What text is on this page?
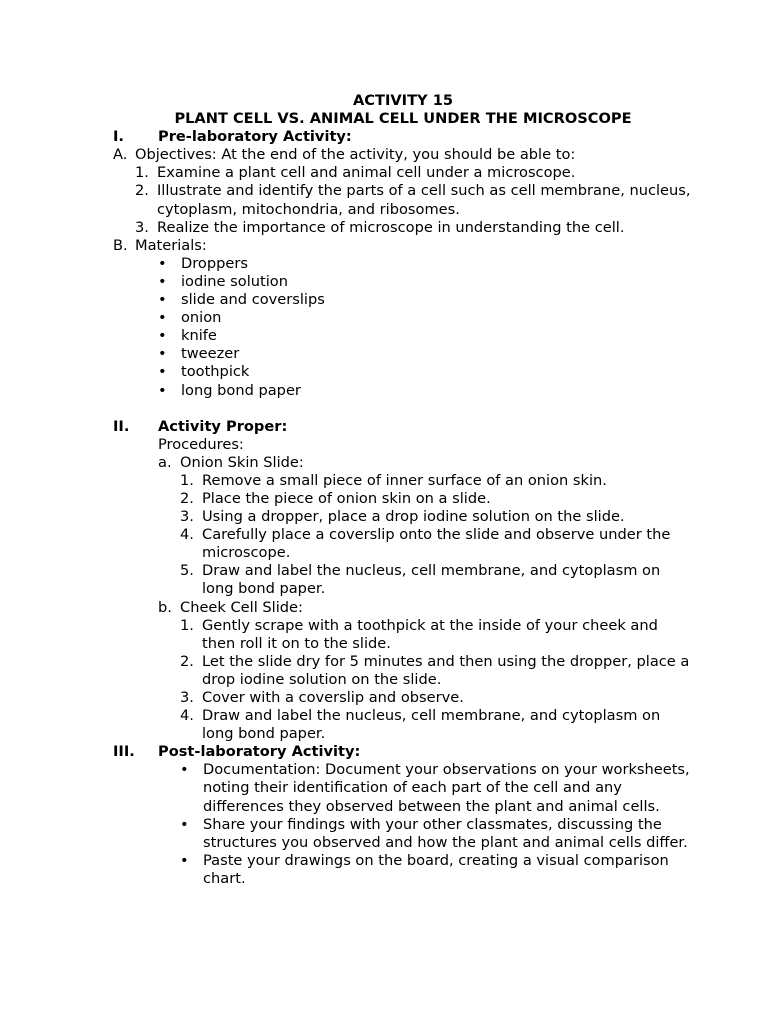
ACTIVITY 15
PLANT CELL VS. ANIMAL CELL UNDER THE MICROSCOPE
I.	Pre-laboratory Activity:
A. Objectives: At the end of the activity, you should be able to:
1. Examine a plant cell and animal cell under a microscope.
2. Illustrate and identify the parts of a cell such as cell membrane, nucleus, cytoplasm, mitochondria, and ribosomes.
3. Realize the importance of microscope in understanding the cell.
B. Materials:
• Droppers
• iodine solution
• slide and coverslips
• onion
• knife
• tweezer
• toothpick
• long bond paper
II.	Activity Proper:
Procedures:
a. Onion Skin Slide:
1. Remove a small piece of inner surface of an onion skin.
2. Place the piece of onion skin on a slide.
3. Using a dropper, place a drop iodine solution on the slide.
4. Carefully place a coverslip onto the slide and observe under the microscope.
5. Draw and label the nucleus, cell membrane, and cytoplasm on long bond paper.
b. Cheek Cell Slide:
1. Gently scrape with a toothpick at the inside of your cheek and then roll it on to the slide.
2. Let the slide dry for 5 minutes and then using the dropper, place a drop iodine solution on the slide.
3. Cover with a coverslip and observe.
4. Draw and label the nucleus, cell membrane, and cytoplasm on long bond paper.
III.	Post-laboratory Activity:
• Documentation: Document your observations on your worksheets, noting their identification of each part of the cell and any differences they observed between the plant and animal cells.
• Share your findings with your other classmates, discussing the structures you observed and how the plant and animal cells differ.
• Paste your drawings on the board, creating a visual comparison chart.
